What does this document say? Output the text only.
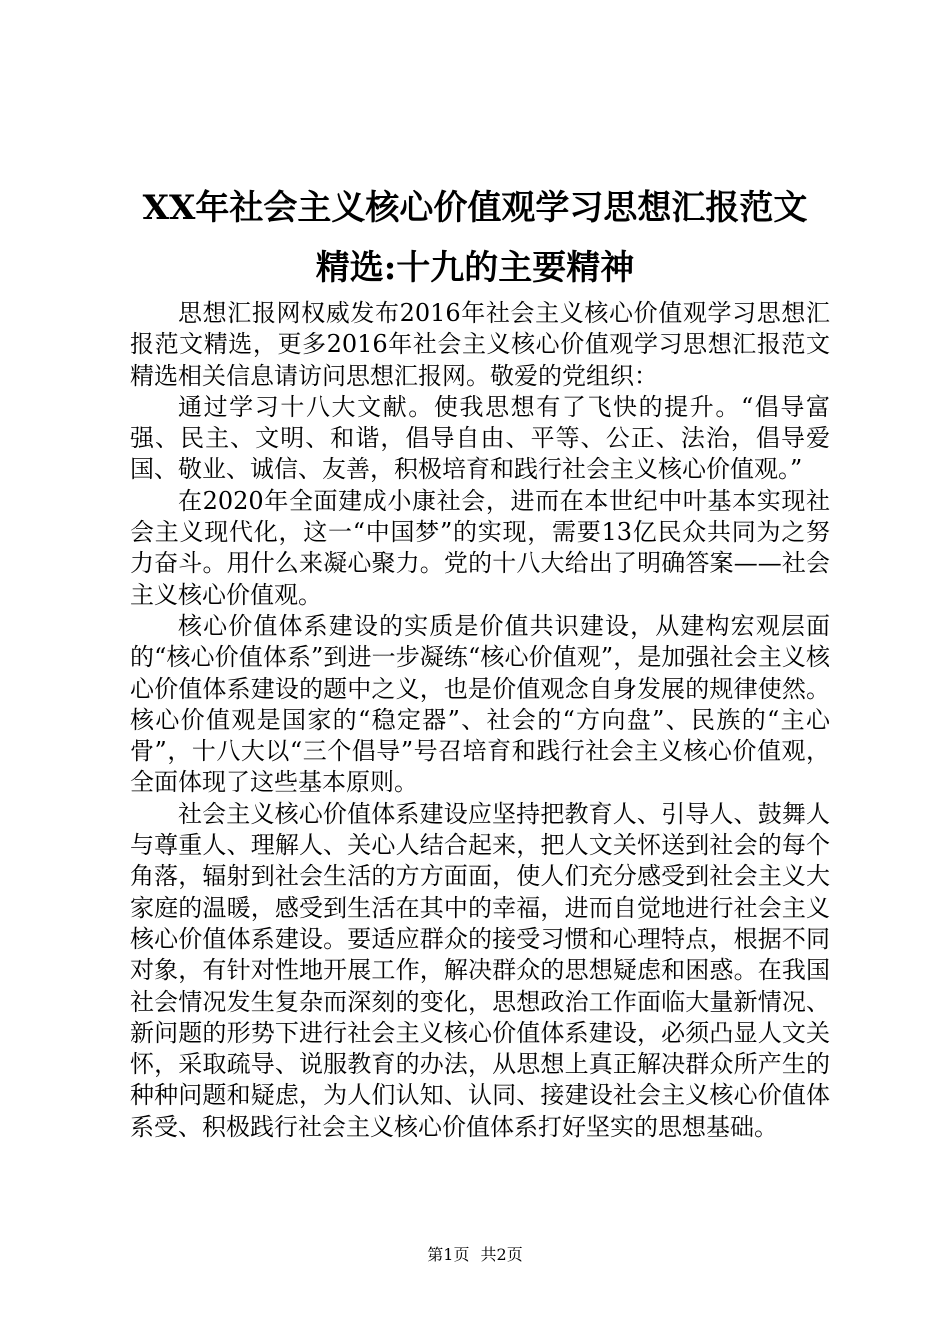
XX年社会主义核心价值观学习思想汇报范文
精选:十九的主要精神

思想汇报网权威发布2016年社会主义核心价值观学习思想汇报范文精选，更多2016年社会主义核心价值观学习思想汇报范文精选相关信息请访问思想汇报网。敬爱的党组织：

通过学习十八大文献。使我思想有了飞快的提升。“倡导富强、民主、文明、和谐，倡导自由、平等、公正、法治，倡导爱国、敬业、诚信、友善，积极培育和践行社会主义核心价值观。”

在2020年全面建成小康社会，进而在本世纪中叶基本实现社会主义现代化，这一“中国梦”的实现，需要13亿民众共同为之努力奋斗。用什么来凝心聚力。党的十八大给出了明确答案——社会主义核心价值观。

核心价值体系建设的实质是价值共识建设，从建构宏观层面的“核心价值体系”到进一步凝练“核心价值观”，是加强社会主义核心价值体系建设的题中之义，也是价值观念自身发展的规律使然。核心价值观是国家的“稳定器”、社会的“方向盘”、民族的“主心骨”，十八大以“三个倡导”号召培育和践行社会主义核心价值观，全面体现了这些基本原则。

社会主义核心价值体系建设应坚持把教育人、引导人、鼓舞人与尊重人、理解人、关心人结合起来，把人文关怀送到社会的每个角落，辐射到社会生活的方方面面，使人们充分感受到社会主义大家庭的温暖，感受到生活在其中的幸福，进而自觉地进行社会主义核心价值体系建设。要适应群众的接受习惯和心理特点，根据不同对象，有针对性地开展工作，解决群众的思想疑虑和困惑。在我国社会情况发生复杂而深刻的变化，思想政治工作面临大量新情况、新问题的形势下进行社会主义核心价值体系建设，必须凸显人文关怀，采取疏导、说服教育的办法，从思想上真正解决群众所产生的种种问题和疑虑，为人们认知、认同、接建设社会主义核心价值体系受、积极践行社会主义核心价值体系打好坚实的思想基础。

第1页 共2页
